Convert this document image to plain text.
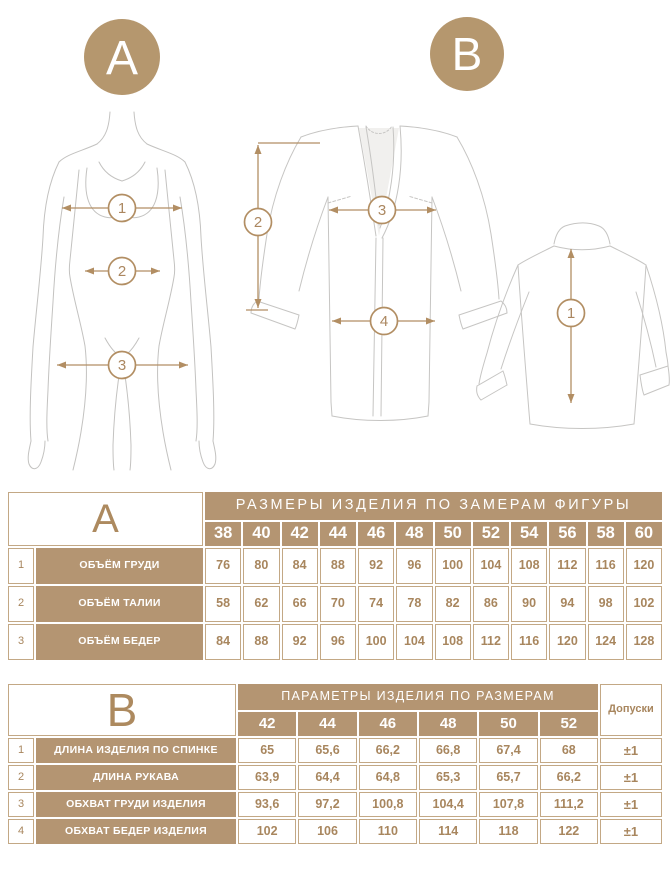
A	B
1
2
3
2
3
4	1
A	РАЗМЕРЫ ИЗДЕЛИЯ ПО ЗАМЕРАМ ФИГУРЫ
38	40	42	44	46	48	50	52	54	56	58	60
1	ОБЪЁМ ГРУДИ	76	80	84	88	92	96	100	104	108	112	116	120
2	ОБЪЁМ ТАЛИИ	58	62	66	70	74	78	82	86	90	94	98	102
3	ОБЪЁМ БЕДЕР	84	88	92	96	100	104	108	112	116	120	124	128
B	ПАРАМЕТРЫ ИЗДЕЛИЯ ПО РАЗМЕРАМ
Допуски
42	44	46	48	50	52
1	ДЛИНА ИЗДЕЛИЯ ПО СПИНКЕ	65	65,6	66,2	66,8	67,4	68	±1
2	ДЛИНА РУКАВА	63,9	64,4	64,8	65,3	65,7	66,2	±1
3	ОБХВАТ ГРУДИ ИЗДЕЛИЯ	93,6	97,2	100,8	104,4	107,8	111,2	±1
4	ОБХВАТ БЕДЕР ИЗДЕЛИЯ	102	106	110	114	118	122	±1
